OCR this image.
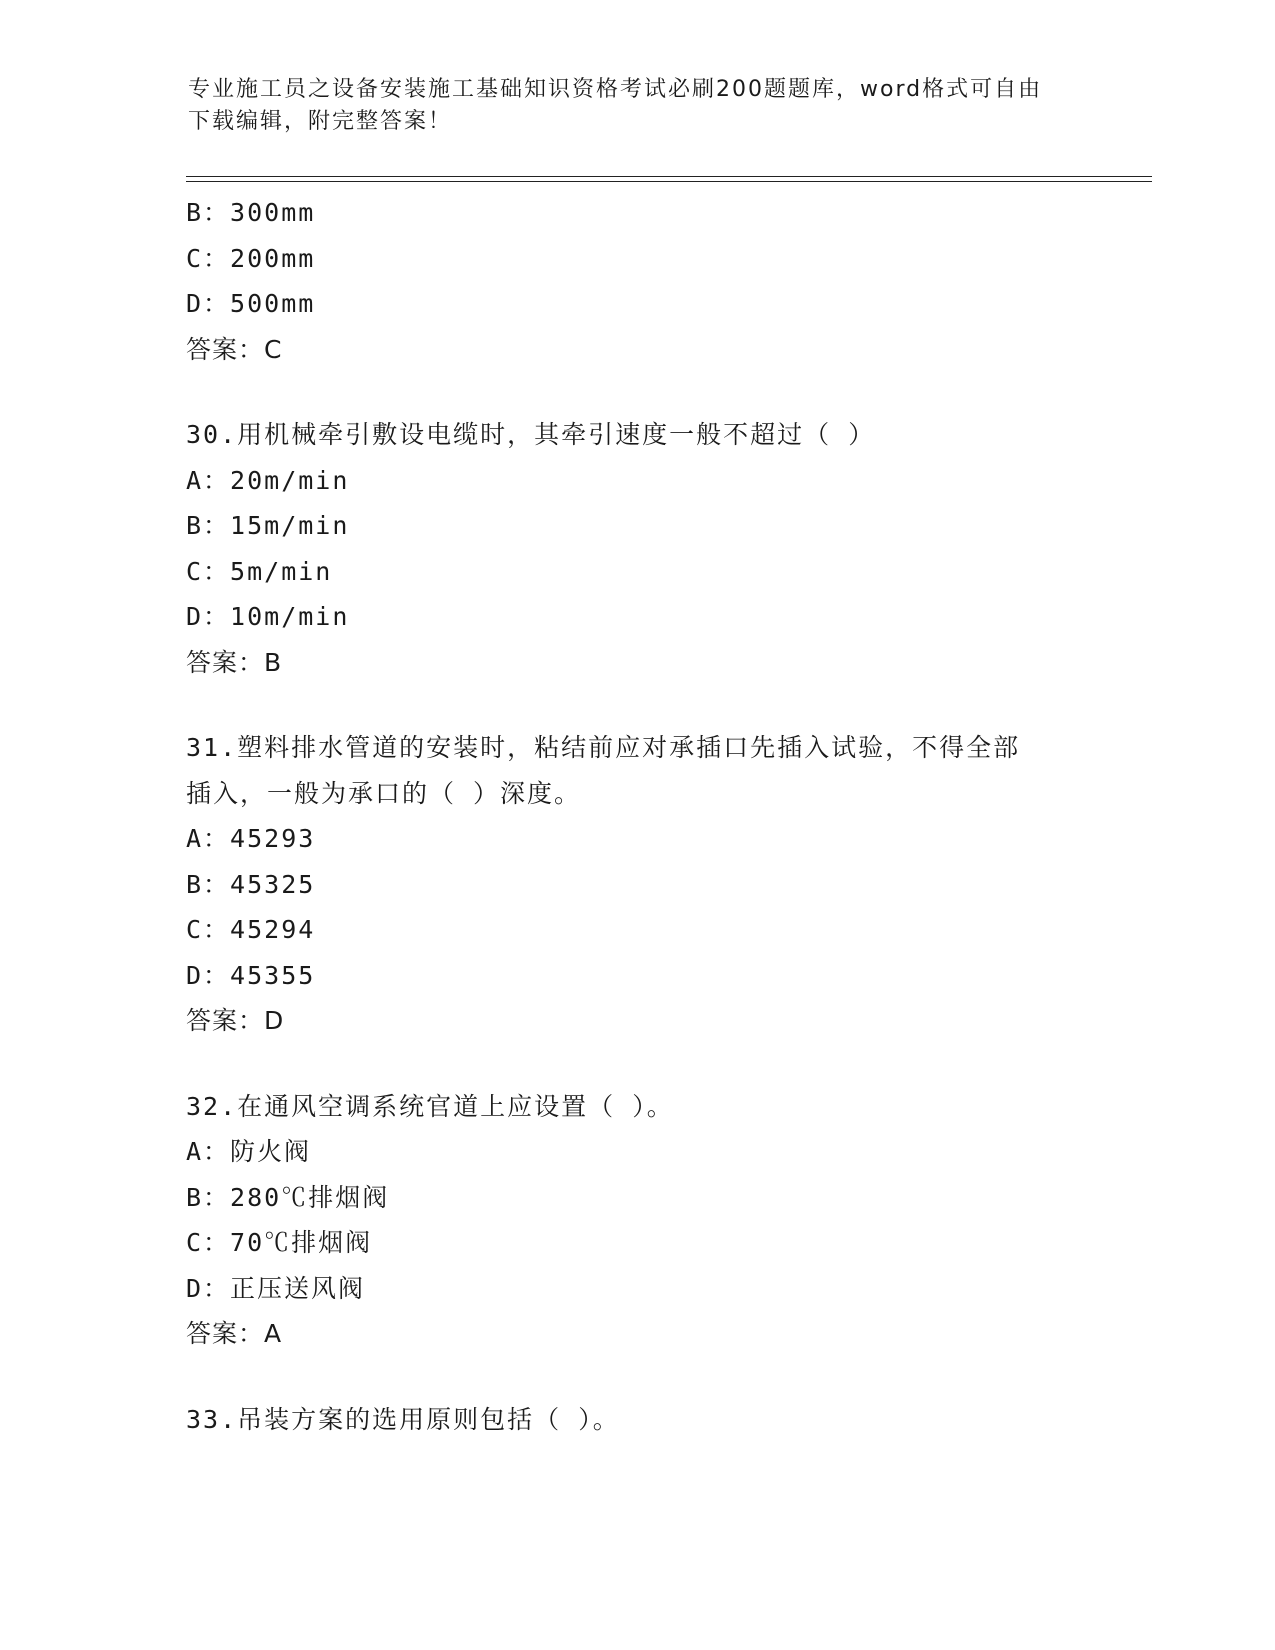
专业施工员之设备安装施工基础知识资格考试必刷200题题库，word格式可自由
下载编辑，附完整答案！
B：300mm
C：200mm
D：500mm
答案：C
30.用机械牵引敷设电缆时，其牵引速度一般不超过（ ）
A：20m/min
B：15m/min
C：5m/min
D：10m/min
答案：B
31.塑料排水管道的安装时，粘结前应对承插口先插入试验，不得全部
插入，一般为承口的（ ）深度。
A：45293
B：45325
C：45294
D：45355
答案：D
32.在通风空调系统官道上应设置（ ）。
A：防火阀
B：280℃排烟阀
C：70℃排烟阀
D：正压送风阀
答案：A
33.吊装方案的选用原则包括（ ）。
